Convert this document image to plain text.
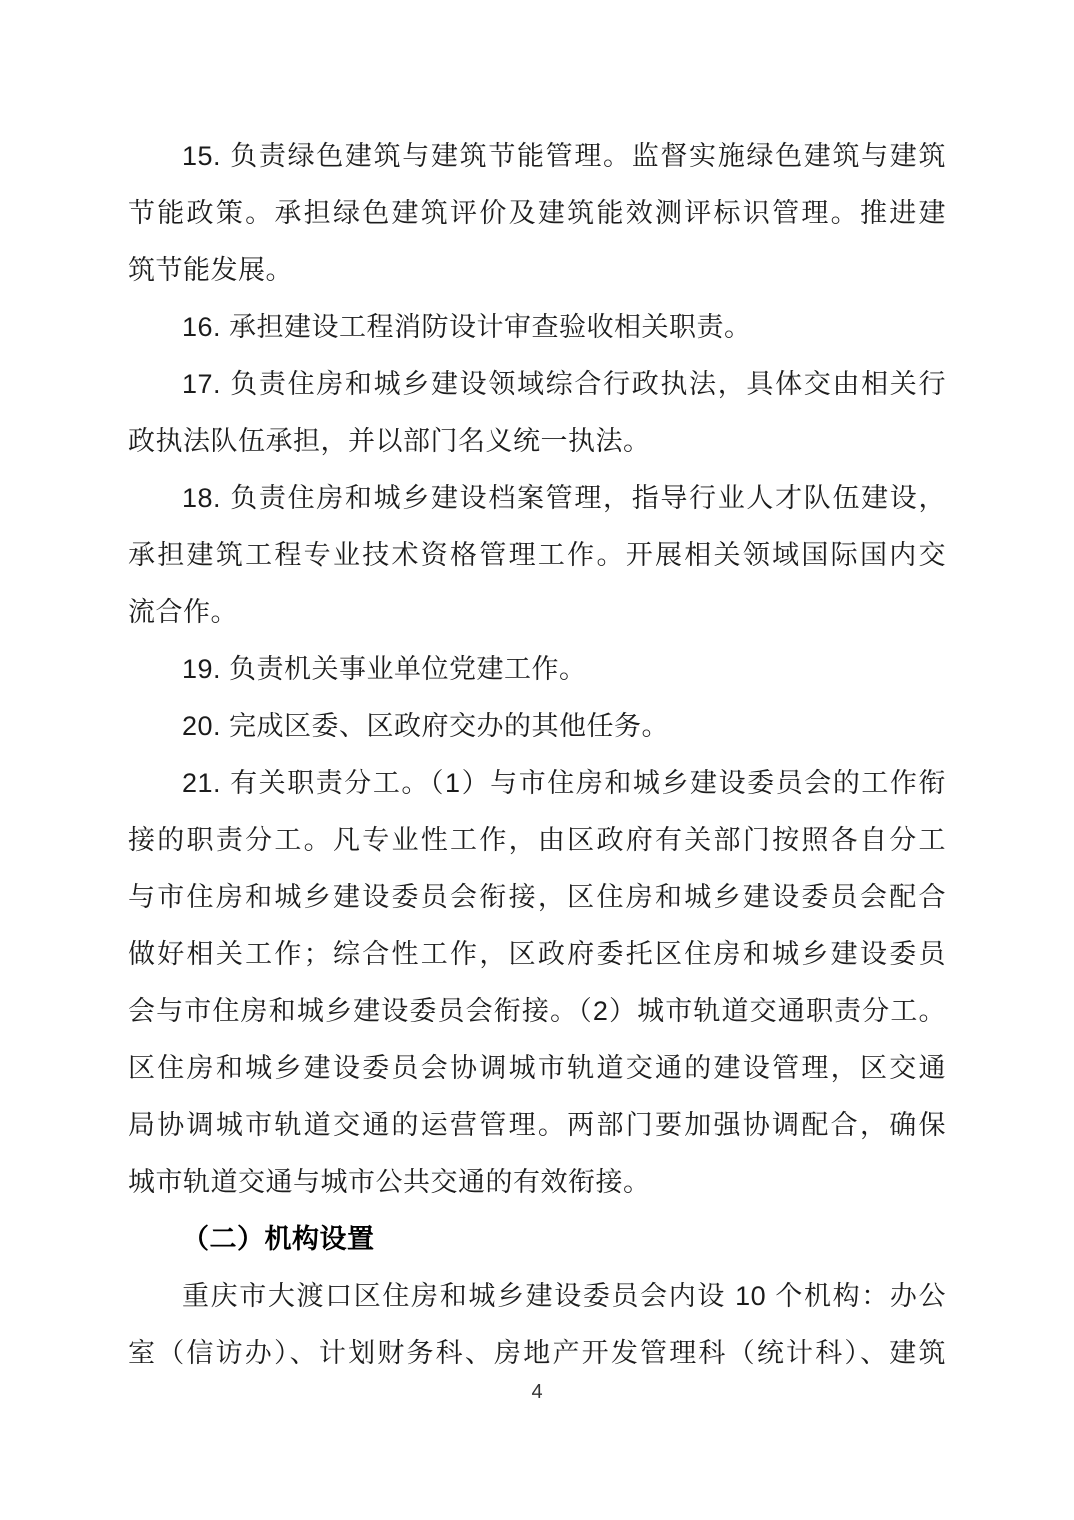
15. 负责绿色建筑与建筑节能管理。监督实施绿色建筑与建筑
节能政策。承担绿色建筑评价及建筑能效测评标识管理。推进建
筑节能发展。
16. 承担建设工程消防设计审查验收相关职责。
17. 负责住房和城乡建设领域综合行政执法，具体交由相关行
政执法队伍承担，并以部门名义统一执法。
18. 负责住房和城乡建设档案管理，指导行业人才队伍建设，
承担建筑工程专业技术资格管理工作。开展相关领域国际国内交
流合作。
19. 负责机关事业单位党建工作。
20. 完成区委、区政府交办的其他任务。
21. 有关职责分工。（1）与市住房和城乡建设委员会的工作衔
接的职责分工。凡专业性工作，由区政府有关部门按照各自分工
与市住房和城乡建设委员会衔接，区住房和城乡建设委员会配合
做好相关工作；综合性工作，区政府委托区住房和城乡建设委员
会与市住房和城乡建设委员会衔接。（2）城市轨道交通职责分工。
区住房和城乡建设委员会协调城市轨道交通的建设管理，区交通
局协调城市轨道交通的运营管理。两部门要加强协调配合，确保
城市轨道交通与城市公共交通的有效衔接。
（二）机构设置
重庆市大渡口区住房和城乡建设委员会内设 10 个机构：办公
室（信访办）、计划财务科、房地产开发管理科（统计科）、建筑
4
